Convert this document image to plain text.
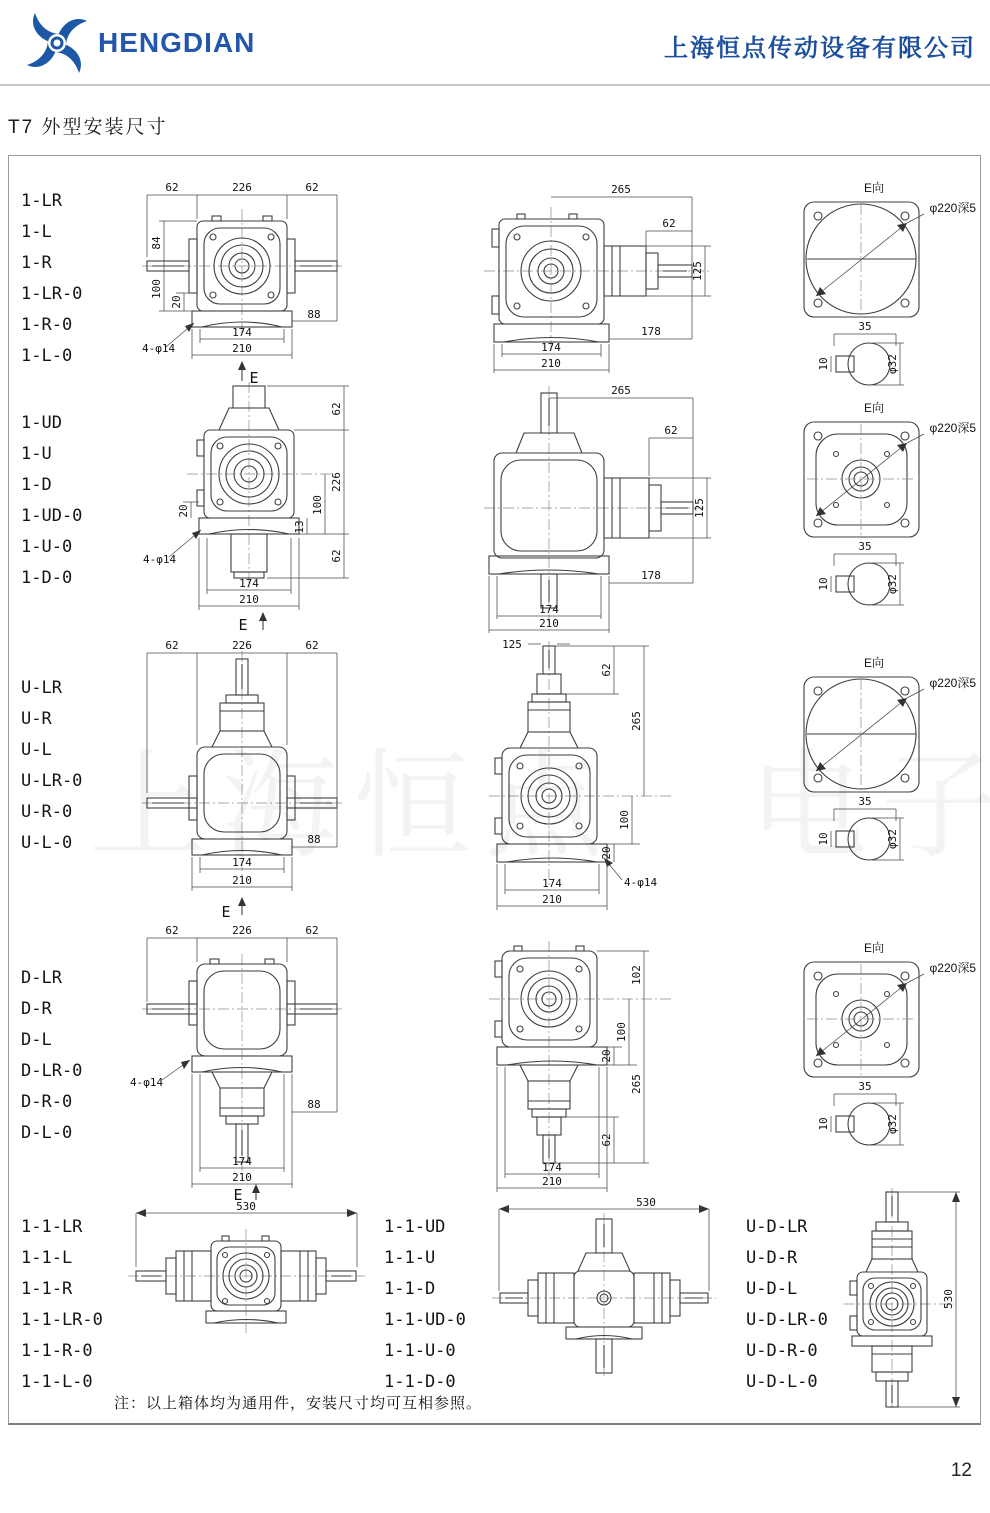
HENGDIAN	上海恒点传动设备有限公司
T7 外型安装尺寸
1-LR
1-L
1-R
1-LR-0
1-R-0
1-L-0
62	226	62
84
100
20
4-φ14
88
174
210
E
265
62
125
178
174
210
E向
φ220深5
35
10	φ32
1-UD
1-U
1-D
1-UD-0
1-U-0
1-D-0
62
226
62
13
100
20
4-φ14
174
210
E
265
62
125
178
174
210
E向
φ220深5
35
10	φ32
U-LR
U-R
U-L
U-LR-0
U-R-0
U-L-0
62	226	62
88
174
210
E
125
62
265
100
20
4-φ14
174
210
E向
φ220深5
35
10	φ32
D-LR
D-R
D-L
D-LR-0
D-R-0
D-L-0
62	226	62
4-φ14
88
174
210
E
102
20
100
265
62
174
210
E向
φ220深5
35
10	φ32
1-1-LR
1-1-L
1-1-R
1-1-LR-0
1-1-R-0
1-1-L-0
530
1-1-UD
1-1-U
1-1-D
1-1-UD-0
1-1-U-0
1-1-D-0
530
U-D-LR
U-D-R
U-D-L
U-D-LR-0
U-D-R-0
U-D-L-0
530
注：以上箱体均为通用件，安装尺寸均可互相参照。
12
